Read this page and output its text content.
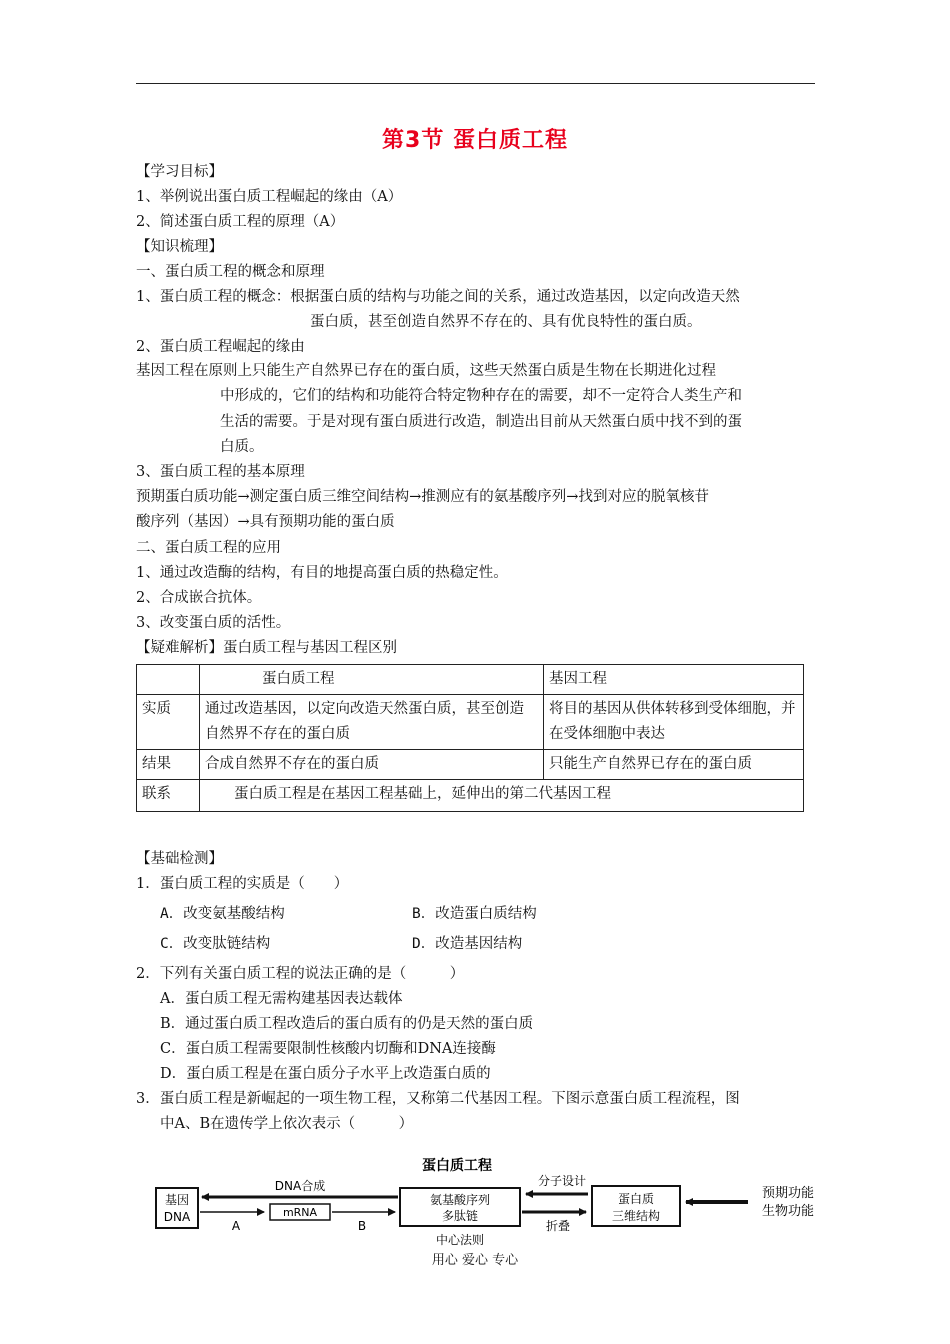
第3节 蛋白质工程
【学习目标】
1、举例说出蛋白质工程崛起的缘由（A）
2、简述蛋白质工程的原理（A）
【知识梳理】
一、蛋白质工程的概念和原理
1、蛋白质工程的概念：根据蛋白质的结构与功能之间的关系，通过改造基因，以定向改造天然
蛋白质，甚至创造自然界不存在的、具有优良特性的蛋白质。
2、蛋白质工程崛起的缘由
基因工程在原则上只能生产自然界已存在的蛋白质，这些天然蛋白质是生物在长期进化过程
中形成的，它们的结构和功能符合特定物种存在的需要，却不一定符合人类生产和
生活的需要。于是对现有蛋白质进行改造，制造出目前从天然蛋白质中找不到的蛋
白质。
3、蛋白质工程的基本原理
预期蛋白质功能→测定蛋白质三维空间结构→推测应有的氨基酸序列→找到对应的脱氧核苷
酸序列（基因）→具有预期功能的蛋白质
二、蛋白质工程的应用
1、通过改造酶的结构，有目的地提高蛋白质的热稳定性。
2、合成嵌合抗体。
3、改变蛋白质的活性。
【疑难解析】蛋白质工程与基因工程区别
	蛋白质工程	基因工程
实质	通过改造基因，以定向改造天然蛋白质，甚至创造自然界不存在的蛋白质	将目的基因从供体转移到受体细胞，并在受体细胞中表达
结果	合成自然界不存在的蛋白质	只能生产自然界已存在的蛋白质
联系	　　蛋白质工程是在基因工程基础上，延伸出的第二代基因工程	
【基础检测】
1．蛋白质工程的实质是（　　）
A．改变氨基酸结构	B．改造蛋白质结构
C．改变肽链结构	D．改造基因结构
2．下列有关蛋白质工程的说法正确的是（　　　）
A．蛋白质工程无需构建基因表达载体
B．通过蛋白质工程改造后的蛋白质有的仍是天然的蛋白质
C．蛋白质工程需要限制性核酸内切酶和DNA连接酶
D．蛋白质工程是在蛋白质分子水平上改造蛋白质的
3．蛋白质工程是新崛起的一项生物工程，又称第二代基因工程。下图示意蛋白质工程流程，图
中A、B在遗传学上依次表示（　　　）
蛋白质工程
基因
DNA
DNA合成
A
mRNA
B
氨基酸序列
多肽链
中心法则
分子设计
折叠
蛋白质
三维结构
预期功能
生物功能
用心 爱心 专心
